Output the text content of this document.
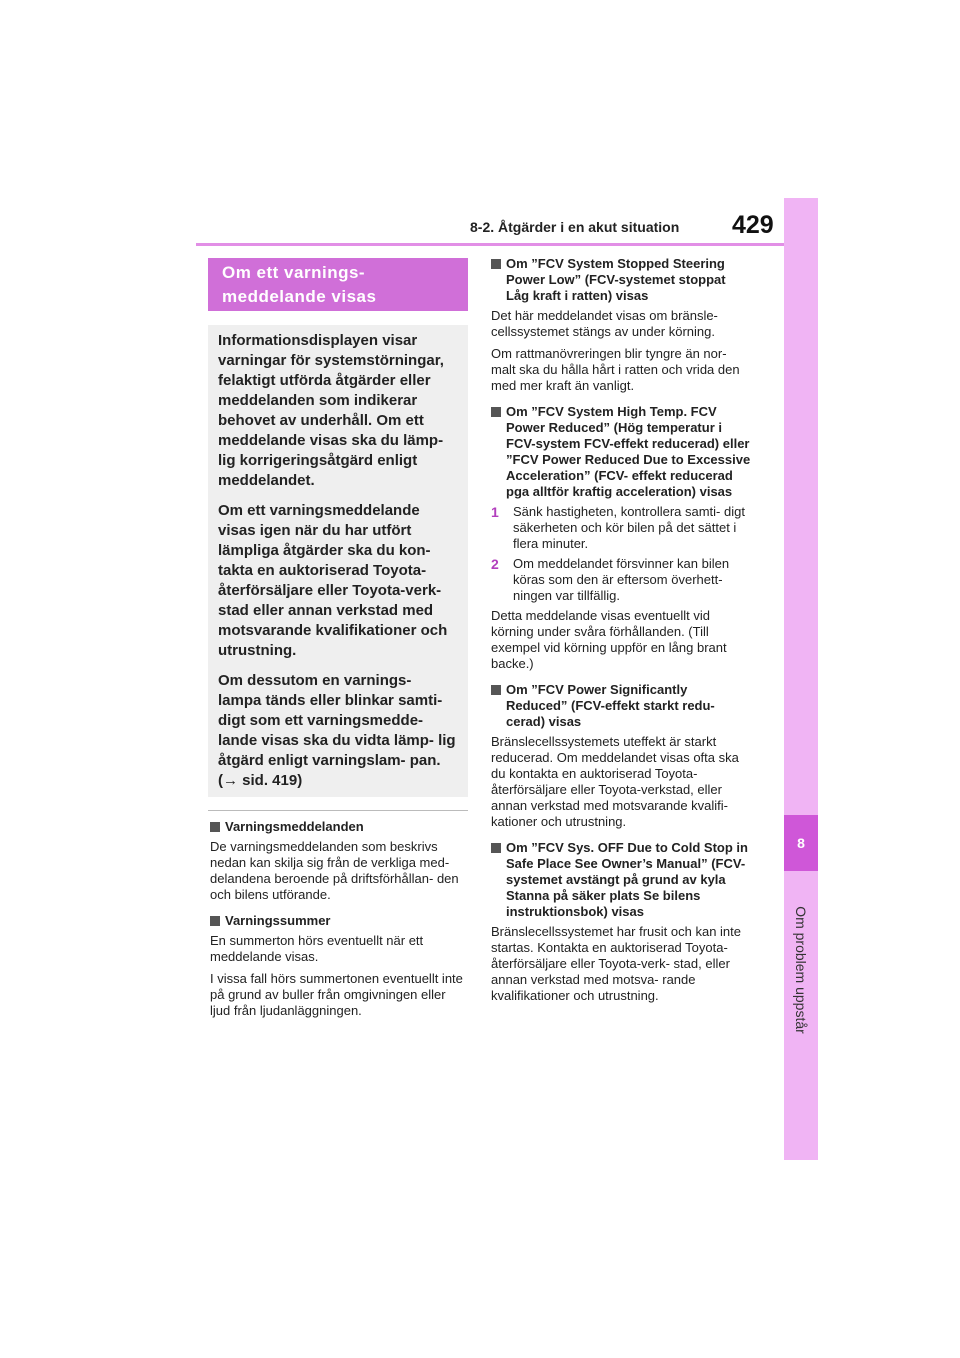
8-2. Åtgärder i en akut situation 429
8
Om problem uppstår
Om ett varnings-
meddelande visas

Informationsdisplayen visar varningar för systemstörningar, felaktigt utförda åtgärder eller meddelanden som indikerar behovet av underhåll. Om ett meddelande visas ska du lämp- lig korrigeringsåtgärd enligt meddelandet.

Om ett varningsmeddelande visas igen när du har utfört lämpliga åtgärder ska du kon- takta en auktoriserad Toyota- återförsäljare eller Toyota-verk- stad eller annan verkstad med motsvarande kvalifikationer och utrustning.

Om dessutom en varnings- lampa tänds eller blinkar samti- digt som ett varningsmedde- lande visas ska du vidta lämp- lig åtgärd enligt varningslam- pan. (→ sid. 419)

Varningsmeddelanden

De varningsmeddelanden som beskrivs nedan kan skilja sig från de verkliga med- delandena beroende på driftsförhållan- den och bilens utförande.

Varningssummer

En summerton hörs eventuellt när ett meddelande visas.

I vissa fall hörs summertonen eventuellt inte på grund av buller från omgivningen eller ljud från ljudanläggningen.

Om ”FCV System Stopped Steering Power Low” (FCV-systemet stoppat Låg kraft i ratten) visas

Det här meddelandet visas om bränsle- cellssystemet stängs av under körning.

Om rattmanövreringen blir tyngre än nor- malt ska du hålla hårt i ratten och vrida den med mer kraft än vanligt.

Om ”FCV System High Temp. FCV Power Reduced” (Hög temperatur i FCV-system FCV-effekt reducerad) eller ”FCV Power Reduced Due to Excessive Acceleration” (FCV- effekt reducerad pga alltför kraftig acceleration) visas
1 Sänk hastigheten, kontrollera samti- digt säkerheten och kör bilen på det sättet i flera minuter.
2 Om meddelandet försvinner kan bilen köras som den är eftersom överhett- ningen var tillfällig.

Detta meddelande visas eventuellt vid körning under svåra förhållanden. (Till exempel vid körning uppför en lång brant backe.)

Om ”FCV Power Significantly Reduced” (FCV-effekt starkt redu- cerad) visas

Bränslecellssystemets uteffekt är starkt reducerad. Om meddelandet visas ofta ska du kontakta en auktoriserad Toyota- återförsäljare eller Toyota-verkstad, eller annan verkstad med motsvarande kvalifi- kationer och utrustning.

Om ”FCV Sys. OFF Due to Cold Stop in Safe Place See Owner’s Manual” (FCV-systemet avstängt på grund av kyla Stanna på säker plats Se bilens instruktionsbok) visas

Bränslecellssystemet har frusit och kan inte startas. Kontakta en auktoriserad Toyota-återförsäljare eller Toyota-verk- stad, eller annan verkstad med motsva- rande kvalifikationer och utrustning.
